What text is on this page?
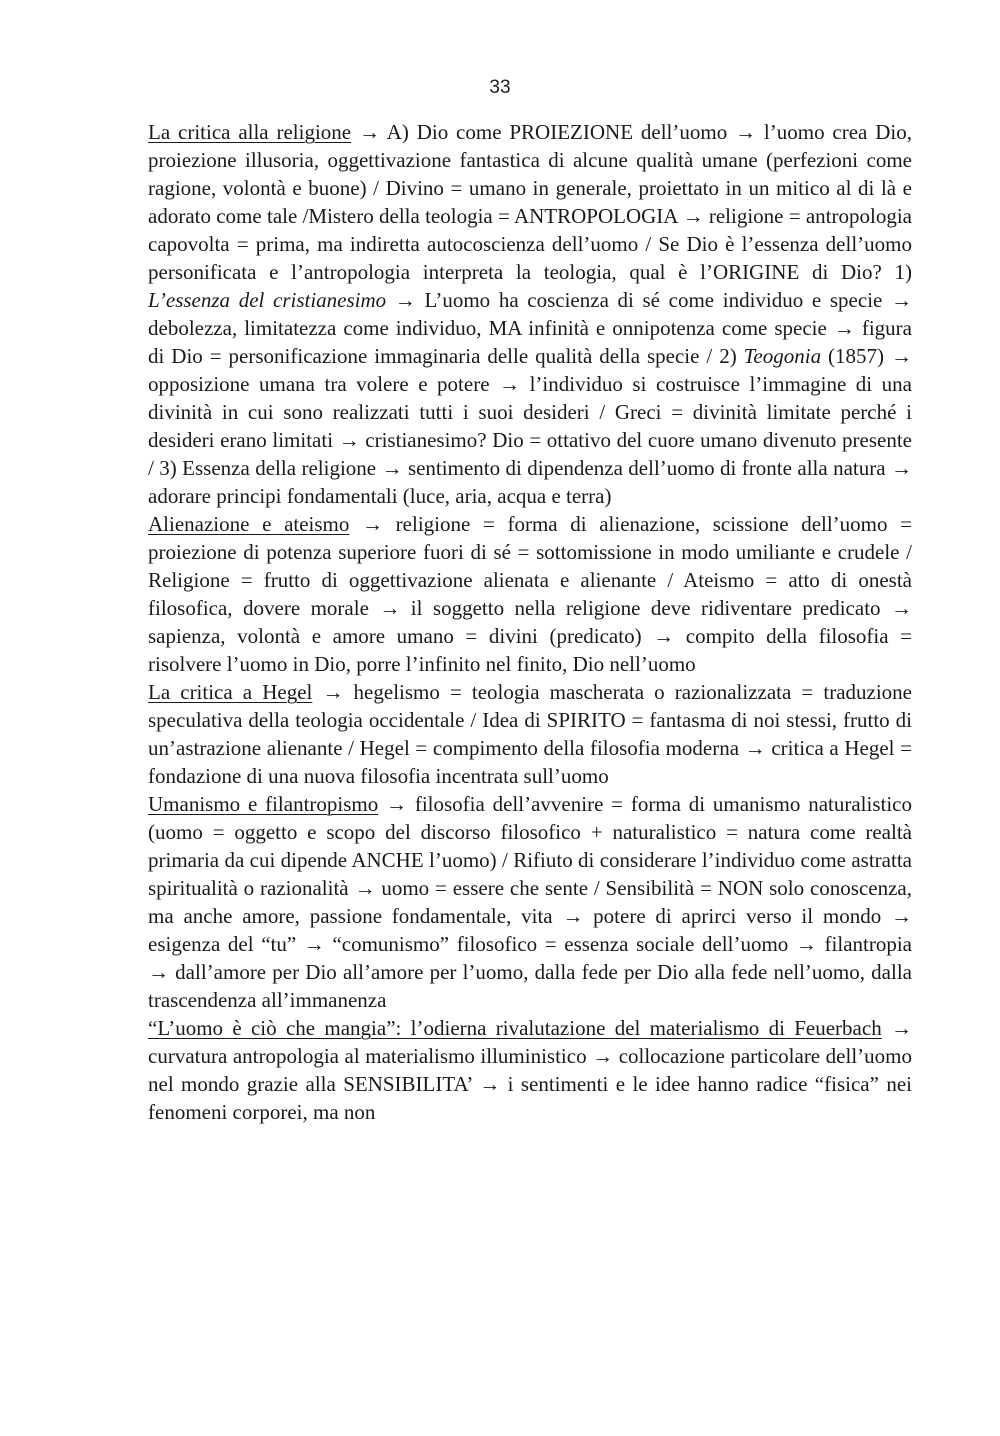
33

La critica alla religione → A) Dio come PROIEZIONE dell’uomo → l’uomo crea Dio, proiezione illusoria, oggettivazione fantastica di alcune qualità umane (perfezioni come ragione, volontà e buone) / Divino = umano in generale, proiettato in un mitico al di là e adorato come tale /Mistero della teologia = ANTROPOLOGIA → religione = antropologia capovolta = prima, ma indiretta autocoscienza dell’uomo / Se Dio è l’essenza dell’uomo personificata e l’antropologia interpreta la teologia, qual è l’ORIGINE di Dio? 1) L’essenza del cristianesimo → L’uomo ha coscienza di sé come individuo e specie → debolezza, limitatezza come individuo, MA infinità e onnipotenza come specie → figura di Dio = personificazione immaginaria delle qualità della specie / 2) Teogonia (1857) → opposizione umana tra volere e potere → l’individuo si costruisce l’immagine di una divinità in cui sono realizzati tutti i suoi desideri / Greci = divinità limitate perché i desideri erano limitati → cristianesimo? Dio = ottativo del cuore umano divenuto presente / 3) Essenza della religione → sentimento di dipendenza dell’uomo di fronte alla natura → adorare principi fondamentali (luce, aria, acqua e terra)

Alienazione e ateismo → religione = forma di alienazione, scissione dell’uomo = proiezione di potenza superiore fuori di sé = sottomissione in modo umiliante e crudele / Religione = frutto di oggettivazione alienata e alienante / Ateismo = atto di onestà filosofica, dovere morale → il soggetto nella religione deve ridiventare predicato → sapienza, volontà e amore umano = divini (predicato) → compito della filosofia = risolvere l’uomo in Dio, porre l’infinito nel finito, Dio nell’uomo

La critica a Hegel → hegelismo = teologia mascherata o razionalizzata = traduzione speculativa della teologia occidentale / Idea di SPIRITO = fantasma di noi stessi, frutto di un’astrazione alienante / Hegel = compimento della filosofia moderna → critica a Hegel = fondazione di una nuova filosofia incentrata sull’uomo

Umanismo e filantropismo → filosofia dell’avvenire = forma di umanismo naturalistico (uomo = oggetto e scopo del discorso filosofico + naturalistico = natura come realtà primaria da cui dipende ANCHE l’uomo) / Rifiuto di considerare l’individuo come astratta spiritualità o razionalità → uomo = essere che sente / Sensibilità = NON solo conoscenza, ma anche amore, passione fondamentale, vita → potere di aprirci verso il mondo → esigenza del “tu” → “comunismo” filosofico = essenza sociale dell’uomo → filantropia → dall’amore per Dio all’amore per l’uomo, dalla fede per Dio alla fede nell’uomo, dalla trascendenza all’immanenza

“L’uomo è ciò che mangia”: l’odierna rivalutazione del materialismo di Feuerbach → curvatura antropologia al materialismo illuministico → collocazione particolare dell’uomo nel mondo grazie alla SENSIBILITA’ → i sentimenti e le idee hanno radice “fisica” nei fenomeni corporei, ma non
